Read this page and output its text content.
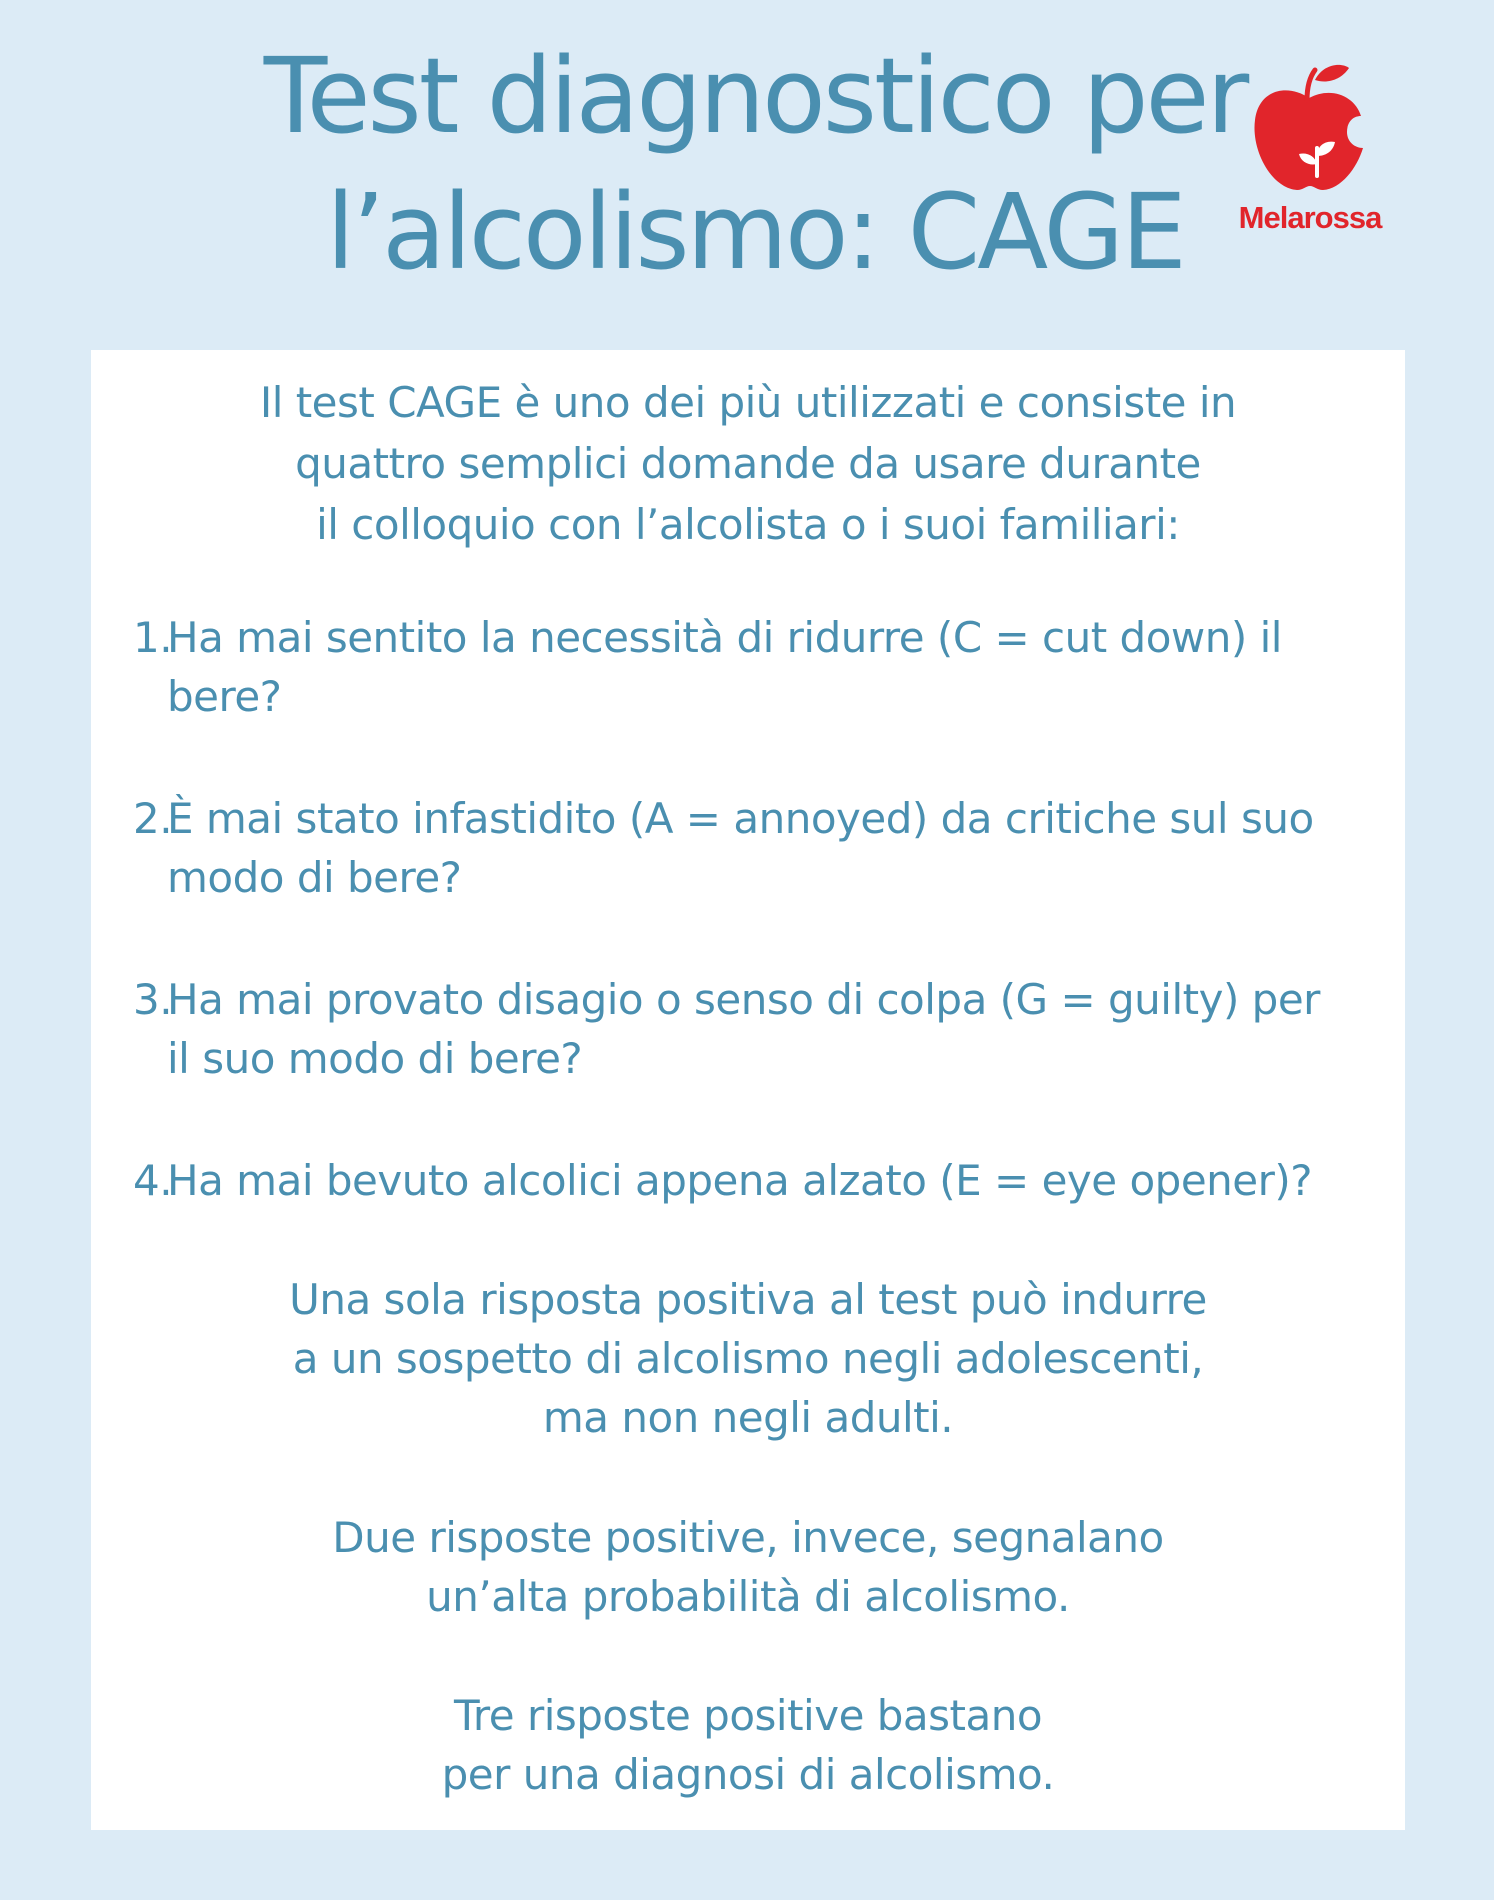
Test diagnostico per
l’alcolismo: CAGE	Melarossa

Il test CAGE è uno dei più utilizzati e consiste in
quattro semplici domande da usare durante
il colloquio con l’alcolista o i suoi familiari:

1.
Ha mai sentito la necessità di ridurre (C = cut down) il
bere?
2.
È mai stato infastidito (A = annoyed) da critiche sul suo
modo di bere?
3.
Ha mai provato disagio o senso di colpa (G = guilty) per
il suo modo di bere?
4.
Ha mai bevuto alcolici appena alzato (E = eye opener)?

Una sola risposta positiva al test può indurre
a un sospetto di alcolismo negli adolescenti,
ma non negli adulti.

Due risposte positive, invece, segnalano
un’alta probabilità di alcolismo.

Tre risposte positive bastano
per una diagnosi di alcolismo.
